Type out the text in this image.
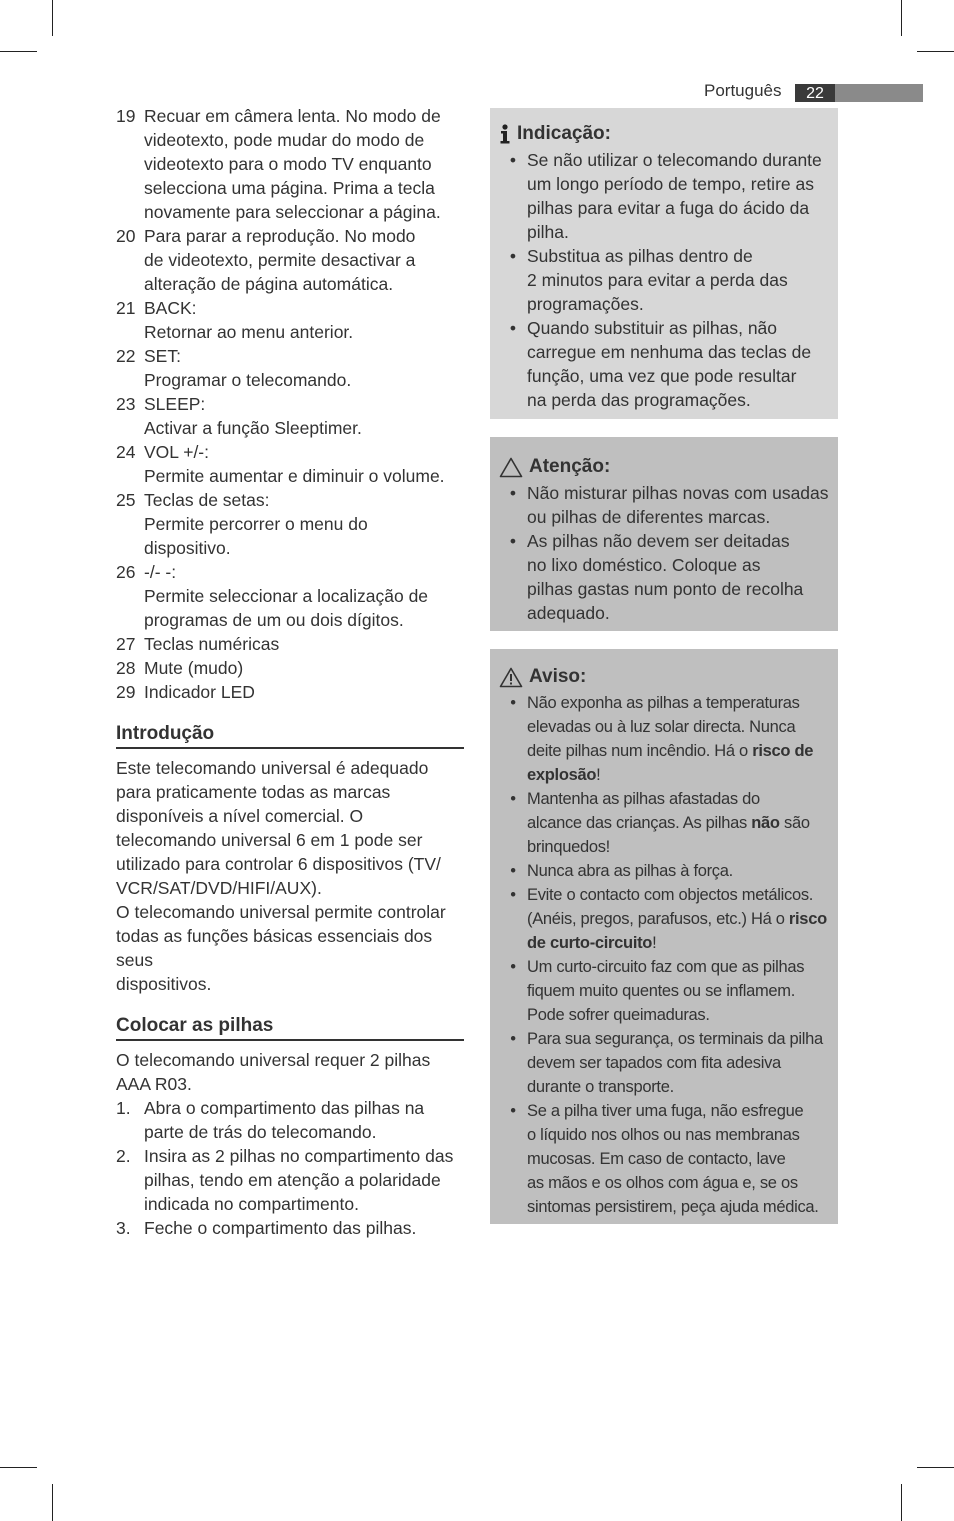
Português	22
19 Recuar em câmera lenta. No modo de
videotexto, pode mudar do modo de
videotexto para o modo TV enquanto
selecciona uma página. Prima a tecla
novamente para seleccionar a página.
20 Para parar a reprodução. No modo
de videotexto, permite desactivar a
alteração de página automática.
21 BACK:
Retornar ao menu anterior.
22 SET:
Programar o telecomando.
23 SLEEP:
Activar a função Sleeptimer.
24 VOL +/-:
Permite aumentar e diminuir o volume.
25 Teclas de setas:
Permite percorrer o menu do
dispositivo.
26 -/- -:
Permite seleccionar a localização de
programas de um ou dois dígitos.
27 Teclas numéricas
28 Mute (mudo)
29 Indicador LED
Introdução
Este telecomando universal é adequado
para praticamente todas as marcas
disponíveis a nível comercial. O
telecomando universal 6 em 1 pode ser
utilizado para controlar 6 dispositivos (TV/
VCR/SAT/DVD/HIFI/AUX).
O telecomando universal permite controlar
todas as funções básicas essenciais dos seus
dispositivos.
Colocar as pilhas
O telecomando universal requer 2 pilhas
AAA R03.
1. Abra o compartimento das pilhas na
parte de trás do telecomando.
2. Insira as 2 pilhas no compartimento das
pilhas, tendo em atenção a polaridade
indicada no compartimento.
3. Feche o compartimento das pilhas.
Indicação:
• Se não utilizar o telecomando durante
um longo período de tempo, retire as
pilhas para evitar a fuga do ácido da
pilha.
• Substitua as pilhas dentro de
2 minutos para evitar a perda das
programações.
• Quando substituir as pilhas, não
carregue em nenhuma das teclas de
função, uma vez que pode resultar
na perda das programações.
Atenção:
• Não misturar pilhas novas com usadas
ou pilhas de diferentes marcas.
• As pilhas não devem ser deitadas
no lixo doméstico. Coloque as
pilhas gastas num ponto de recolha
adequado.
Aviso:
• Não exponha as pilhas a temperaturas
elevadas ou à luz solar directa. Nunca
deite pilhas num incêndio. Há o risco de
explosão!
• Mantenha as pilhas afastadas do
alcance das crianças. As pilhas não são
brinquedos!
• Nunca abra as pilhas à força.
• Evite o contacto com objectos metálicos.
(Anéis, pregos, parafusos, etc.) Há o risco
de curto-circuito!
• Um curto-circuito faz com que as pilhas
fiquem muito quentes ou se inflamem.
Pode sofrer queimaduras.
• Para sua segurança, os terminais da pilha
devem ser tapados com fita adesiva
durante o transporte.
• Se a pilha tiver uma fuga, não esfregue
o líquido nos olhos ou nas membranas
mucosas. Em caso de contacto, lave
as mãos e os olhos com água e, se os
sintomas persistirem, peça ajuda médica.
